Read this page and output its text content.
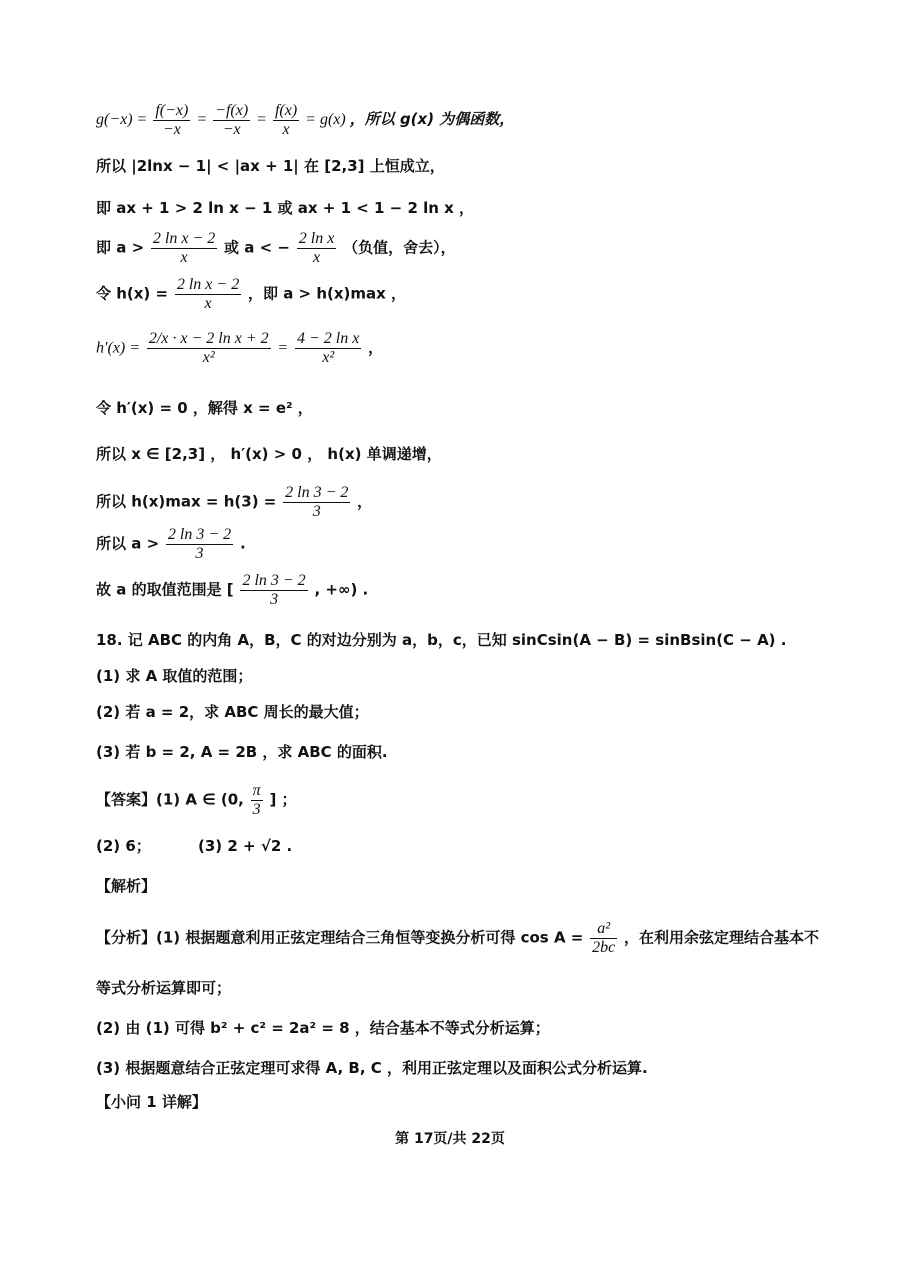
$g(-x) = \frac{f(-x)}{-x} = \frac{-f(x)}{-x} = \frac{f(x)}{x} = g(x)$ ，所以 g(x) 为偶函数，
所以 |2lnx − 1| < |ax + 1| 在 [2,3] 上恒成立，
即 ax + 1 > 2 ln x − 1 或 ax + 1 < 1 − 2 ln x ，
即 $a > \frac{\text{2 ln x − 2}}{x}$ 或 a < − $\frac{\text{2 ln x}}{x}$ （负值，舍去），
令 $h(x) = \frac{\text{2 ln x − 2}}{x}$ ，即 a > h(x)max ，
$h'(x) = \frac{\text{2/x · x − 2 ln x + 2}}{\text{x²}} = \frac{\text{4 − 2 ln x}}{\text{x²}}$ ，
令 h′(x) = 0 ，解得 x = e² ，
所以 x ∈ [2,3] ， h′(x) > 0 ， h(x) 单调递增，
所以 $h(x)\max = h(3) = \frac{2 \ln 3 - 2}{3}$ ，
所以 $a > \frac{2 \ln 3 - 2}{3}$ .
故 a 的取值范围是 [ $\frac{2 \ln 3 - 2}{3}$ , +∞) .
18. 记 ABC 的内角 A，B，C 的对边分别为 a，b，c，已知 sinCsin(A − B) = sinBsin(C − A) .
(1) 求 A 取值的范围；
(2) 若 a = 2，求 ABC 周长的最大值；
(3) 若 b = 2, A = 2B ，求 ABC 的面积.
【答案】(1) A ∈ (0, $\frac{\pi}{3}$ ] ；
(2) 6；	(3) 2 + √2 .
【解析】
【分析】(1) 根据题意利用正弦定理结合三角恒等变换分析可得 $\cos A = \frac{\text{a²}}{2bc}$ ，在利用余弦定理结合基本不
等式分析运算即可；
(2) 由 (1) 可得 b² + c² = 2a² = 8 ，结合基本不等式分析运算；
(3) 根据题意结合正弦定理可求得 A, B, C ，利用正弦定理以及面积公式分析运算.
【小问 1 详解】
第 17页/共 22页
